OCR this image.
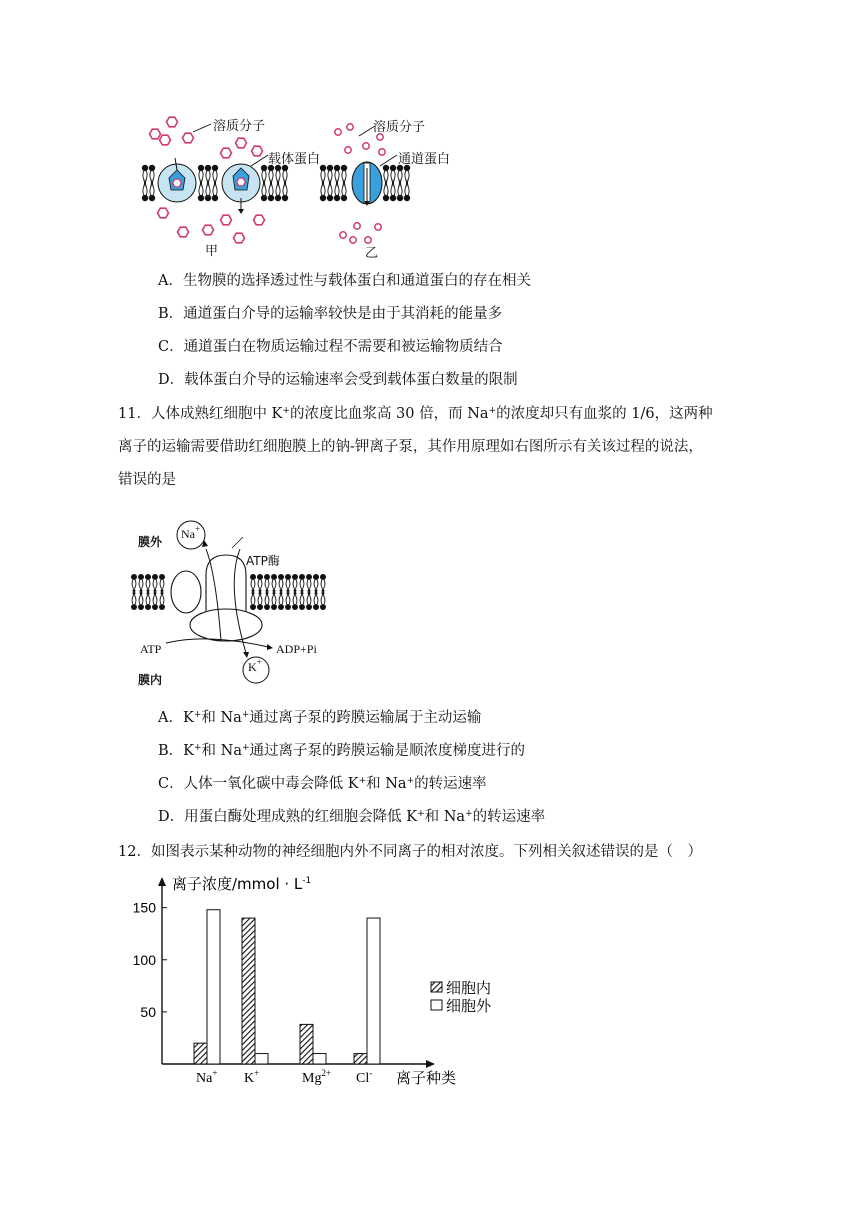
溶质分子
载体蛋白
甲
溶质分子
通道蛋白
乙
A．生物膜的选择透过性与载体蛋白和通道蛋白的存在相关
B．通道蛋白介导的运输率较快是由于其消耗的能量多
C．通道蛋白在物质运输过程不需要和被运输物质结合
D．载体蛋白介导的运输速率会受到载体蛋白数量的限制
11．人体成熟红细胞中 K+的浓度比血浆高 30 倍，而 Na+的浓度却只有血浆的 1/6，这两种
离子的运输需要借助红细胞膜上的钠-钾离子泵，其作用原理如右图所示有关该过程的说法，
错误的是
膜外
膜内
Na+
K+
ATP酶
ATP	ADP+Pi
A．K+和 Na+通过离子泵的跨膜运输属于主动运输
B．K+和 Na+通过离子泵的跨膜运输是顺浓度梯度进行的
C．人体一氧化碳中毒会降低 K+和 Na+的转运速率
D．用蛋白酶处理成熟的红细胞会降低 K+和 Na+的转运速率
12．如图表示某种动物的神经细胞内外不同离子的相对浓度。下列相关叙述错误的是（　）
50
100
150
离子浓度/mmol · $L^{-1}$
离子种类
Na+ K+	$Mg^{2+}$ Cl-
细胞内
细胞外
